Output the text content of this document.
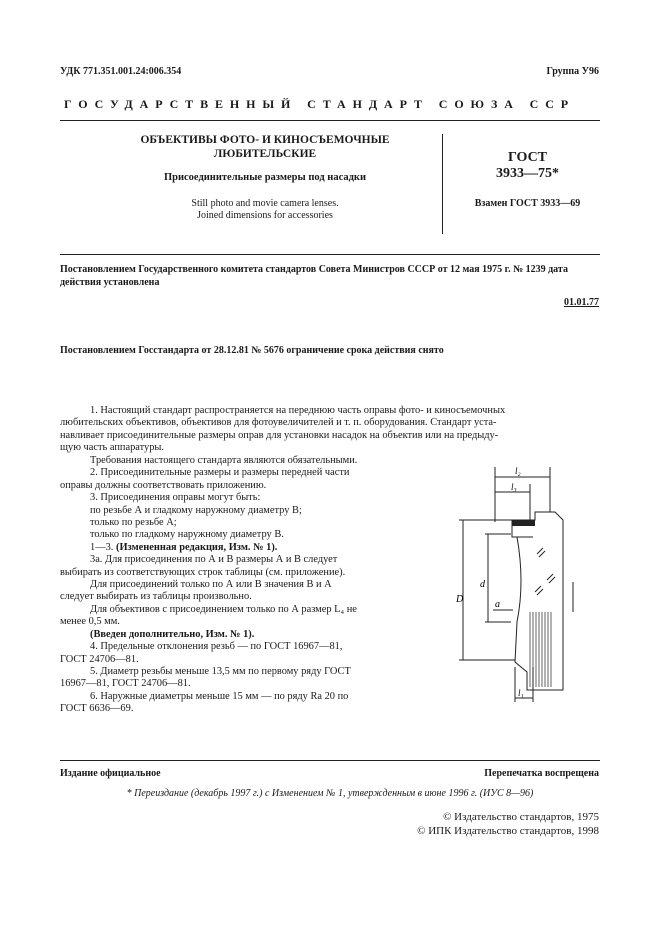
УДК 771.351.001.24:006.354	Группа У96
ГОСУДАРСТВЕННЫЙ СТАНДАРТ СОЮЗА ССР
ОБЪЕКТИВЫ ФОТО- И КИНОСЪЕМОЧНЫЕ
ЛЮБИТЕЛЬСКИЕ
Присоединительные размеры под насадки
Still photo and movie camera lenses.
Joined dimensions for accessories
ГОСТ
3933—75*
Взамен ГОСТ 3933—69
Постановлением Государственного комитета стандартов Совета Министров СССР от 12 мая 1975 г. № 1239 дата действия установлена
01.01.77
Постановлением Госстандарта от 28.12.81 № 5676 ограничение срока действия снято
1. Настоящий стандарт распространяется на переднюю часть оправы фото- и киносъемочных
любительских объективов, объективов для фотоувеличителей и т. п. оборудования. Стандарт уста-
навливает присоединительные размеры оправ для установки насадок на объектив или на предыду-
щую часть аппаратуры.
Требования настоящего стандарта являются обязательными.
2. Присоединительные размеры и размеры передней части
оправы должны соответствовать приложению.
3. Присоединения оправы могут быть:
по резьбе А и гладкому наружному диаметру B;
только по резьбе А;
только по гладкому наружному диаметру B.
1—3. (Измененная редакция, Изм. № 1).
3а. Для присоединения по А и B размеры А и B следует
выбирать из соответствующих строк таблицы (см. приложение).
Для присоединений только по А или B значения B и А
следует выбирать из таблицы произвольно.
Для объективов с присоединением только по А размер L₄ не
менее 0,5 мм.
(Введен дополнительно, Изм. № 1).
4. Предельные отклонения резьб — по ГОСТ 16967—81,
ГОСТ 24706—81.
5. Диаметр резьбы меньше 13,5 мм по первому ряду ГОСТ
16967—81, ГОСТ 24706—81.
6. Наружные диаметры меньше 15 мм — по ряду Ra 20 по
ГОСТ 6636—69.
l₂
l₃
d
D	a
l₁
Издание официальное	Перепечатка воспрещена
* Переиздание (декабрь 1997 г.) с Изменением № 1, утвержденным в июне 1996 г. (ИУС 8—96)
© Издательство стандартов, 1975
© ИПК Издательство стандартов, 1998
